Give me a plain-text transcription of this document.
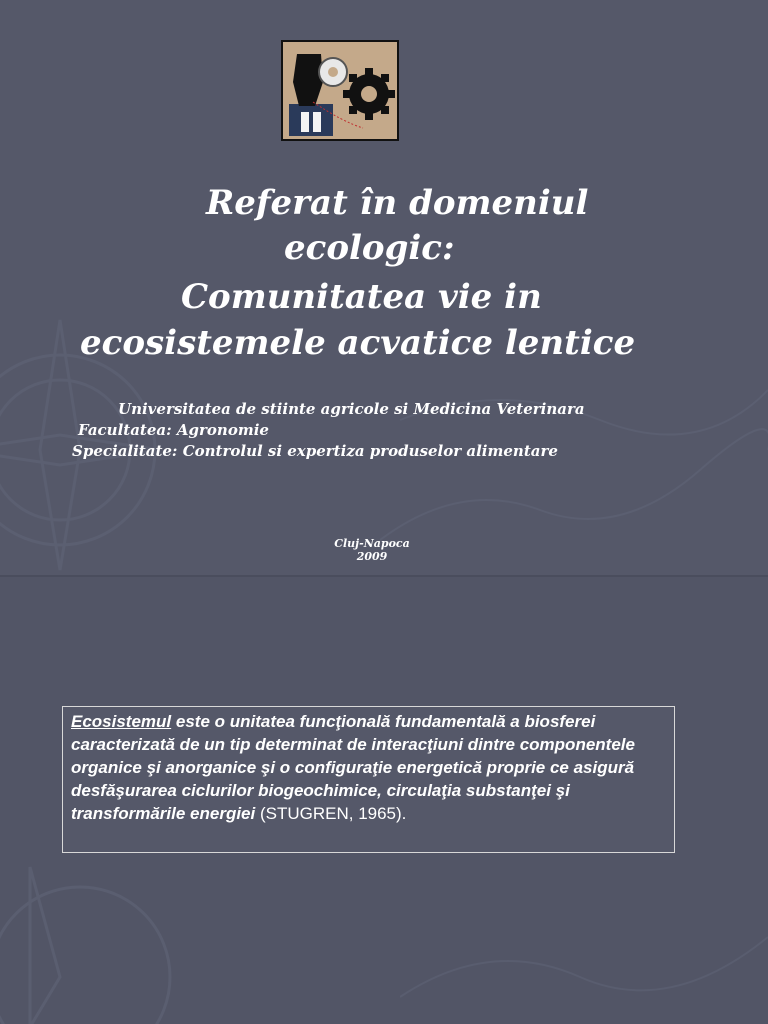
Referat în domeniul
ecologic:
Comunitatea vie in
ecosistemele acvatice lentice
Universitatea de stiinte agricole si Medicina Veterinara
Facultatea: Agronomie
Specialitate: Controlul si expertiza produselor alimentare
Cluj-Napoca
2009
Ecosistemul este o unitatea funcţională fundamentală a biosferei caracterizată de un tip determinat de interacţiuni dintre componentele organice şi anorganice şi o configuraţie energetică proprie ce asigură desfăşurarea ciclurilor biogeochimice, circulaţia substanţei şi transformările energiei (STUGREN, 1965).
